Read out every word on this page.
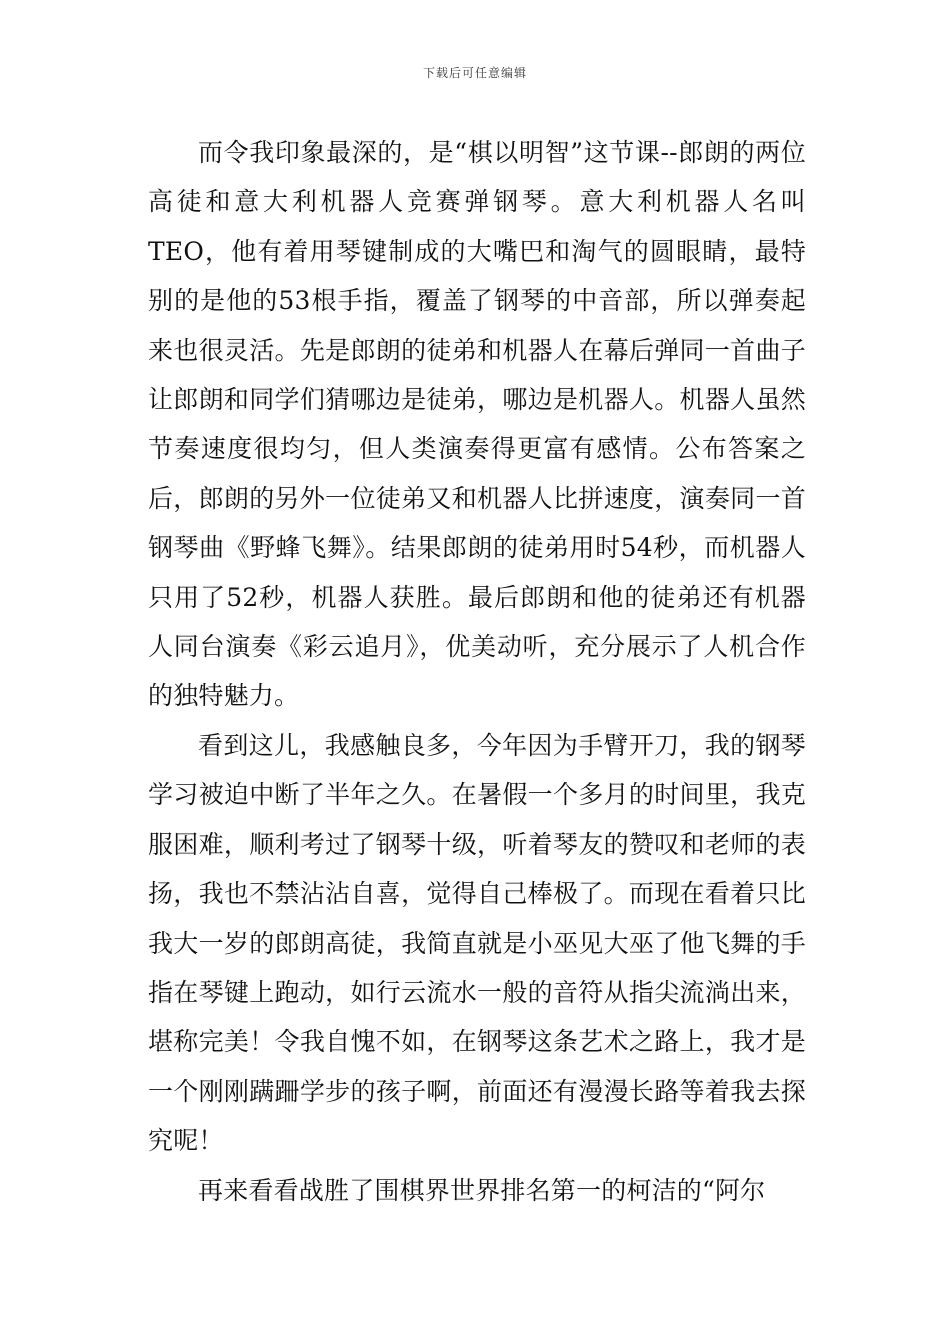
下载后可任意编辑

而令我印象最深的，是“棋以明智”这节课--郎朗的两位高徒和意大利机器人竞赛弹钢琴。意大利机器人名叫TEO，他有着用琴键制成的大嘴巴和淘气的圆眼睛，最特别的是他的53根手指，覆盖了钢琴的中音部，所以弹奏起来也很灵活。先是郎朗的徒弟和机器人在幕后弹同一首曲子让郎朗和同学们猜哪边是徒弟，哪边是机器人。机器人虽然节奏速度很均匀，但人类演奏得更富有感情。公布答案之后，郎朗的另外一位徒弟又和机器人比拼速度，演奏同一首钢琴曲《野蜂飞舞》。结果郎朗的徒弟用时54秒，而机器人只用了52秒，机器人获胜。最后郎朗和他的徒弟还有机器人同台演奏《彩云追月》，优美动听，充分展示了人机合作的独特魅力。

看到这儿，我感触良多，今年因为手臂开刀，我的钢琴学习被迫中断了半年之久。在暑假一个多月的时间里，我克服困难，顺利考过了钢琴十级，听着琴友的赞叹和老师的表扬，我也不禁沾沾自喜，觉得自己棒极了。而现在看着只比我大一岁的郎朗高徒，我简直就是小巫见大巫了他飞舞的手指在琴键上跑动，如行云流水一般的音符从指尖流淌出来，堪称完美！令我自愧不如，在钢琴这条艺术之路上，我才是一个刚刚蹒跚学步的孩子啊，前面还有漫漫长路等着我去探究呢！

再来看看战胜了围棋界世界排名第一的柯洁的“阿尔
